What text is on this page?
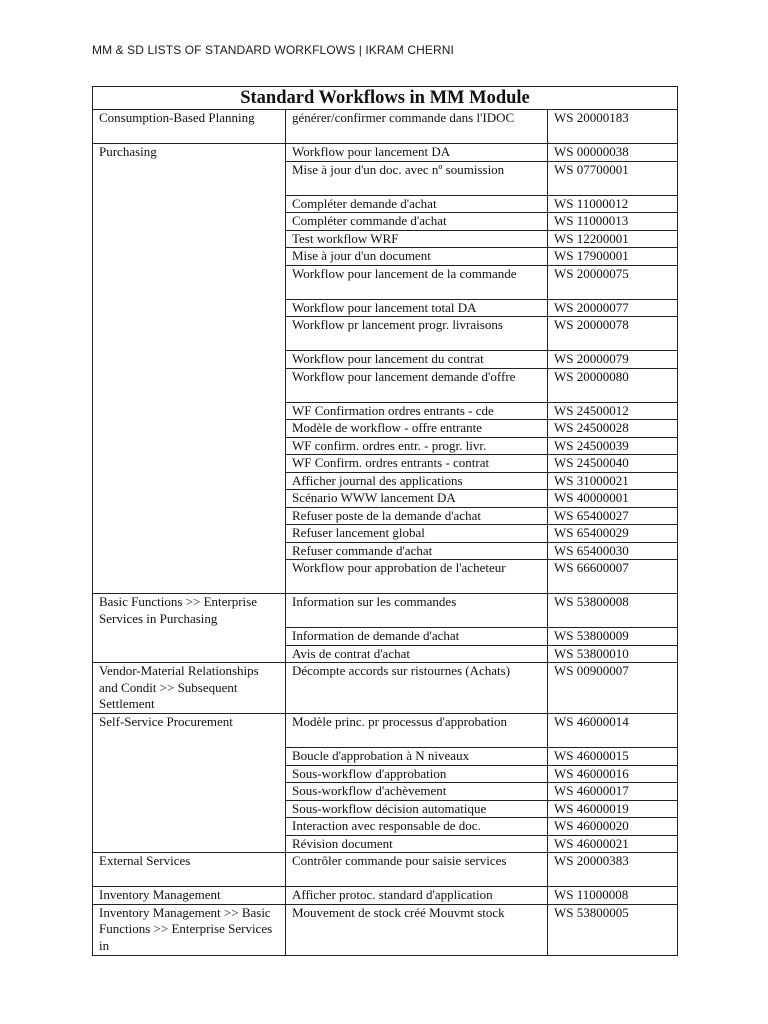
MM & SD LISTS OF STANDARD WORKFLOWS | IKRAM CHERNI
Standard Workflows in MM Module		
Consumption-Based Planning	générer/confirmer commande dans l'IDOC	WS 20000183
Purchasing	Workflow pour lancement DA	WS 00000038
	Mise à jour d'un doc. avec nº soumission	WS 07700001
	Compléter demande d'achat	WS 11000012
	Compléter commande d'achat	WS 11000013
	Test workflow WRF	WS 12200001
	Mise à jour d'un document	WS 17900001
	Workflow pour lancement de la commande	WS 20000075
	Workflow pour lancement total DA	WS 20000077
	Workflow pr lancement progr. livraisons	WS 20000078
	Workflow pour lancement du contrat	WS 20000079
	Workflow pour lancement demande d'offre	WS 20000080
	WF Confirmation ordres entrants - cde	WS 24500012
	Modèle de workflow - offre entrante	WS 24500028
	WF confirm. ordres entr. - progr. livr.	WS 24500039
	WF Confirm. ordres entrants - contrat	WS 24500040
	Afficher journal des applications	WS 31000021
	Scénario WWW lancement DA	WS 40000001
	Refuser poste de la demande d'achat	WS 65400027
	Refuser lancement global	WS 65400029
	Refuser commande d'achat	WS 65400030
	Workflow pour approbation de l'acheteur	WS 66600007
Basic Functions >> Enterprise Services in Purchasing	Information sur les commandes	WS 53800008
	Information de demande d'achat	WS 53800009
	Avis de contrat d'achat	WS 53800010
Vendor-Material Relationships and Condit >> Subsequent Settlement	Décompte accords sur ristournes (Achats)	WS 00900007
Self-Service Procurement	Modèle princ. pr processus d'approbation	WS 46000014
	Boucle d'approbation à N niveaux	WS 46000015
	Sous-workflow d'approbation	WS 46000016
	Sous-workflow d'achèvement	WS 46000017
	Sous-workflow décision automatique	WS 46000019
	Interaction avec responsable de doc.	WS 46000020
	Révision document	WS 46000021
External Services	Contrôler commande pour saisie services	WS 20000383
Inventory Management	Afficher protoc. standard d'application	WS 11000008
Inventory Management >> Basic Functions >> Enterprise Services in	Mouvement de stock créé Mouvmt stock	WS 53800005
